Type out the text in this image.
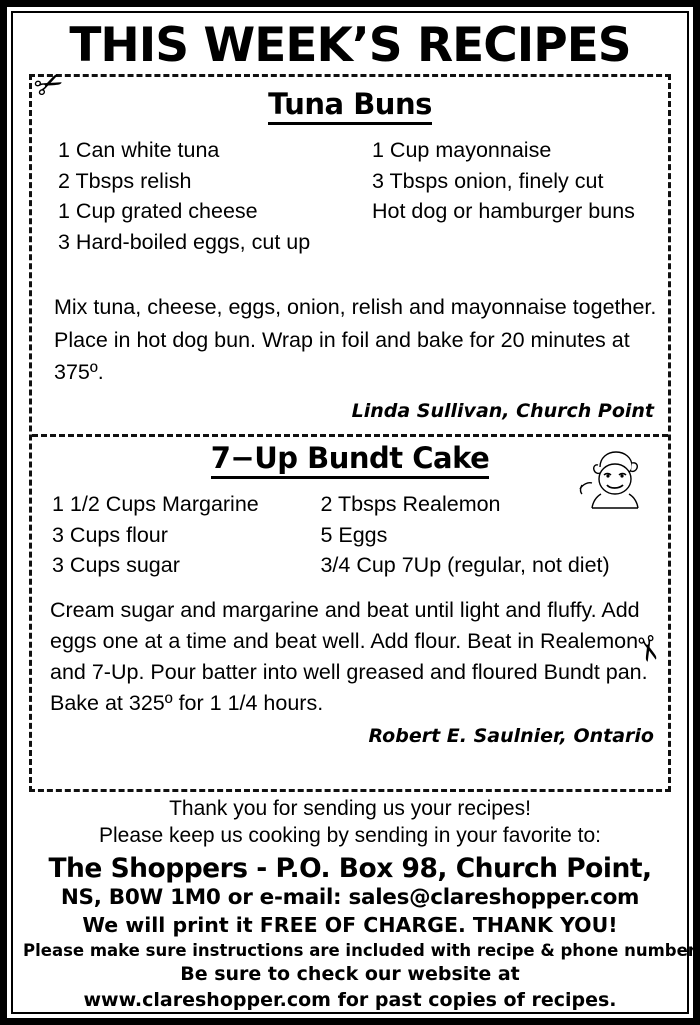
THIS WEEK’S RECIPES
Tuna Buns
1 Can white tuna
2 Tbsps relish
1 Cup grated cheese
3 Hard-boiled eggs, cut up
1 Cup mayonnaise
3 Tbsps onion, finely cut
Hot dog or hamburger buns
Mix tuna, cheese, eggs, onion, relish and mayonnaise together. Place in hot dog bun. Wrap in foil and bake for 20 minutes at 375º.
Linda Sullivan, Church Point
7−Up Bundt Cake
1 1/2 Cups Margarine
3 Cups flour
3 Cups sugar
2 Tbsps Realemon
5 Eggs
3/4 Cup 7Up (regular, not diet)
Cream sugar and margarine and beat until light and fluffy. Add eggs one at a time and beat well. Add flour. Beat in Realemon and 7-Up. Pour batter into well greased and floured Bundt pan. Bake at 325º for 1 1/4 hours.
Robert E. Saulnier, Ontario
✂
✂
Thank you for sending us your recipes!
Please keep us cooking by sending in your favorite to:
The Shoppers - P.O. Box 98, Church Point,
NS, B0W 1M0 or e-mail: sales@clareshopper.com
We will print it FREE OF CHARGE. THANK YOU!
Please make sure instructions are included with recipe & phone number.
Be sure to check our website at
www.clareshopper.com for past copies of recipes.
